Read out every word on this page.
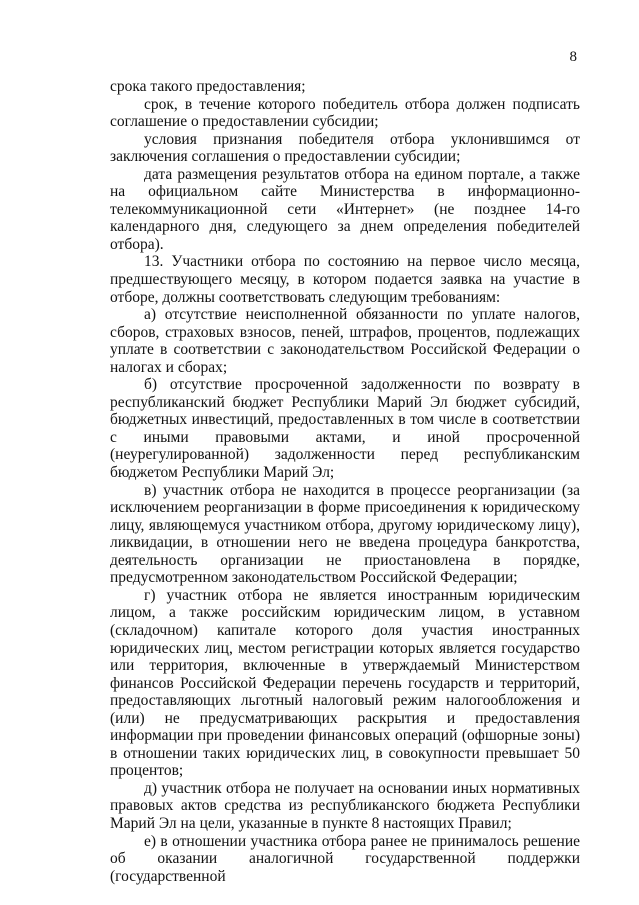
8

срока такого предоставления;

срок, в течение которого победитель отбора должен подписать соглашение о предоставлении субсидии;

условия признания победителя отбора уклонившимся от заключения соглашения о предоставлении субсидии;

дата размещения результатов отбора на едином портале, а также на официальном сайте Министерства в информационно-телекоммуникационной сети «Интернет» (не позднее 14-го календарного дня, следующего за днем определения победителей отбора).

13. Участники отбора по состоянию на первое число месяца, предшествующего месяцу, в котором подается заявка на участие в отборе, должны соответствовать следующим требованиям:

а) отсутствие неисполненной обязанности по уплате налогов, сборов, страховых взносов, пеней, штрафов, процентов, подлежащих уплате в соответствии с законодательством Российской Федерации о налогах и сборах;

б) отсутствие просроченной задолженности по возврату в республиканский бюджет Республики Марий Эл бюджет субсидий, бюджетных инвестиций, предоставленных в том числе в соответствии с иными правовыми актами, и иной просроченной (неурегулированной) задолженности перед республиканским бюджетом Республики Марий Эл;

в) участник отбора не находится в процессе реорганизации (за исключением реорганизации в форме присоединения к юридическому лицу, являющемуся участником отбора, другому юридическому лицу), ликвидации, в отношении него не введена процедура банкротства, деятельность организации не приостановлена в порядке, предусмотренном законодательством Российской Федерации;

г) участник отбора не является иностранным юридическим лицом, а также российским юридическим лицом, в уставном (складочном) капитале которого доля участия иностранных юридических лиц, местом регистрации которых является государство или территория, включенные в утверждаемый Министерством финансов Российской Федерации перечень государств и территорий, предоставляющих льготный налоговый режим налогообложения и (или) не предусматривающих раскрытия и предоставления информации при проведении финансовых операций (офшорные зоны) в отношении таких юридических лиц, в совокупности превышает 50 процентов;

д) участник отбора не получает на основании иных нормативных правовых актов средства из республиканского бюджета Республики Марий Эл на цели, указанные в пункте 8 настоящих Правил;

е) в отношении участника отбора ранее не принималось решение об оказании аналогичной государственной поддержки (государственной
